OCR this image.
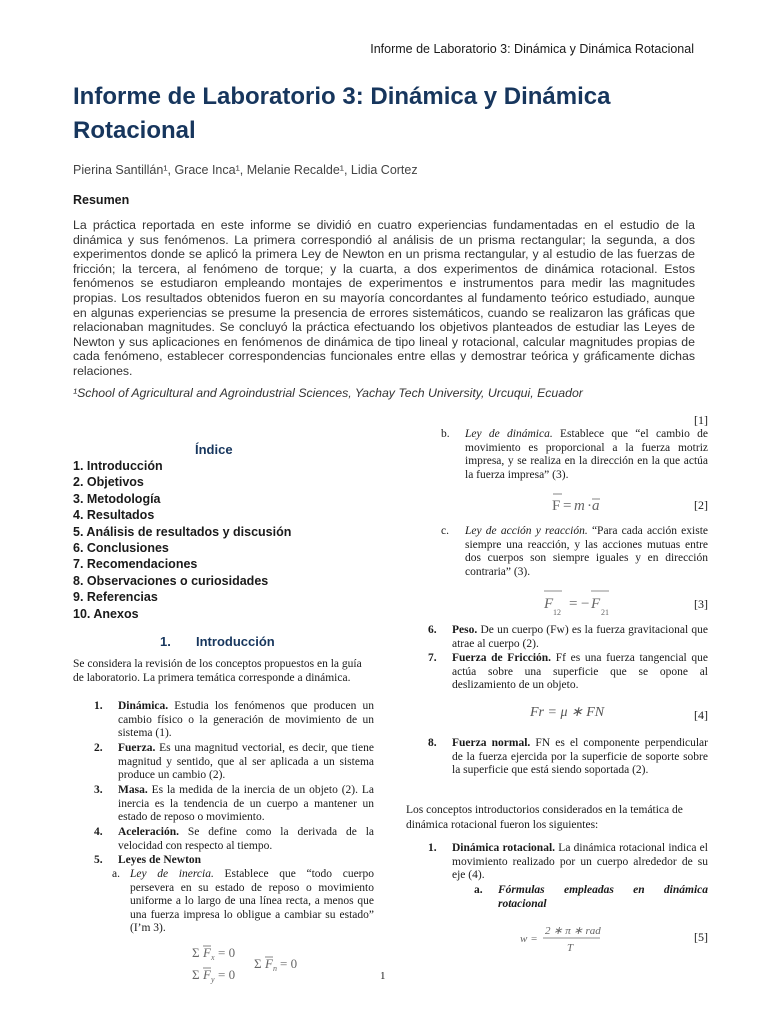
Informe de Laboratorio 3: Dinámica y Dinámica Rotacional
Informe de Laboratorio 3: Dinámica y Dinámica
Rotacional
Pierina Santillán¹, Grace Inca¹, Melanie Recalde¹, Lidia Cortez
Resumen
La práctica reportada en este informe se dividió en cuatro experiencias fundamentadas en el estudio de la dinámica y sus fenómenos. La primera correspondió al análisis de un prisma rectangular; la segunda, a dos experimentos donde se aplicó la primera Ley de Newton en un prisma rectangular, y al estudio de las fuerzas de fricción; la tercera, al fenómeno de torque; y la cuarta, a dos experimentos de dinámica rotacional. Estos fenómenos se estudiaron empleando montajes de experimentos e instrumentos para medir las magnitudes propias. Los resultados obtenidos fueron en su mayoría concordantes al fundamento teórico estudiado, aunque en algunas experiencias se presume la presencia de errores sistemáticos, cuando se realizaron las gráficas que relacionaban magnitudes. Se concluyó la práctica efectuando los objetivos planteados de estudiar las Leyes de Newton y sus aplicaciones en fenómenos de dinámica de tipo lineal y rotacional, calcular magnitudes propias de cada fenómeno, establecer correspondencias funcionales entre ellas y demostrar teórica y gráficamente dichas relaciones.
¹School of Agricultural and Agroindustrial Sciences, Yachay Tech University, Urcuqui, Ecuador
Índice
1. Introducción
2. Objetivos
3. Metodología
4. Resultados
5. Análisis de resultados y discusión
6. Conclusiones
7. Recomendaciones
8. Observaciones o curiosidades
9. Referencias
10. Anexos
1. Introducción
Se considera la revisión de los conceptos propuestos en la guía de laboratorio. La primera temática corresponde a dinámica.
1. Dinámica. Estudia los fenómenos que producen un cambio físico o la generación de movimiento de un sistema (1).
2. Fuerza. Es una magnitud vectorial, es decir, que tiene magnitud y sentido, que al ser aplicada a un sistema produce un cambio (2).
3. Masa. Es la medida de la inercia de un objeto (2). La inercia es la tendencia de un cuerpo a mantener un estado de reposo o movimiento.
4. Aceleración. Se define como la derivada de la velocidad con respecto al tiempo.
5. Leyes de Newton
a. Ley de inercia. Establece que “todo cuerpo persevera en su estado de reposo o movimiento uniforme a lo largo de una línea recta, a menos que una fuerza impresa lo obligue a cambiar su estado” (I’m 3).
Σ F x = 0
Σ F n = 0
Σ F y = 0	1
[1]
b. Ley de dinámica. Establece que “el cambio de movimiento es proporcional a la fuerza motriz impresa, y se realiza en la dirección en la que actúa la fuerza impresa” (3).
F = m · a	[2]
c. Ley de acción y reacción. “Para cada acción existe siempre una reacción, y las acciones mutuas entre dos cuerpos son siempre iguales y en dirección contraria” (3).
F
12
= − F
21
[3]
6. Peso. De un cuerpo (Fw) es la fuerza gravitacional que atrae al cuerpo (2).
7. Fuerza de Fricción. Ff es una fuerza tangencial que actúa sobre una superficie que se opone al deslizamiento de un objeto.
Fr = μ ∗ FN	[4]
8. Fuerza normal. FN es el componente perpendicular de la fuerza ejercida por la superficie de soporte sobre la superficie que está siendo soportada (2).
Los conceptos introductorios considerados en la temática de dinámica rotacional fueron los siguientes:
1. Dinámica rotacional. La dinámica rotacional indica el movimiento realizado por un cuerpo alrededor de su eje (4).
a. Fórmulas empleadas en dinámica rotacional
w =
2 ∗ π ∗ rad
T
[5]
